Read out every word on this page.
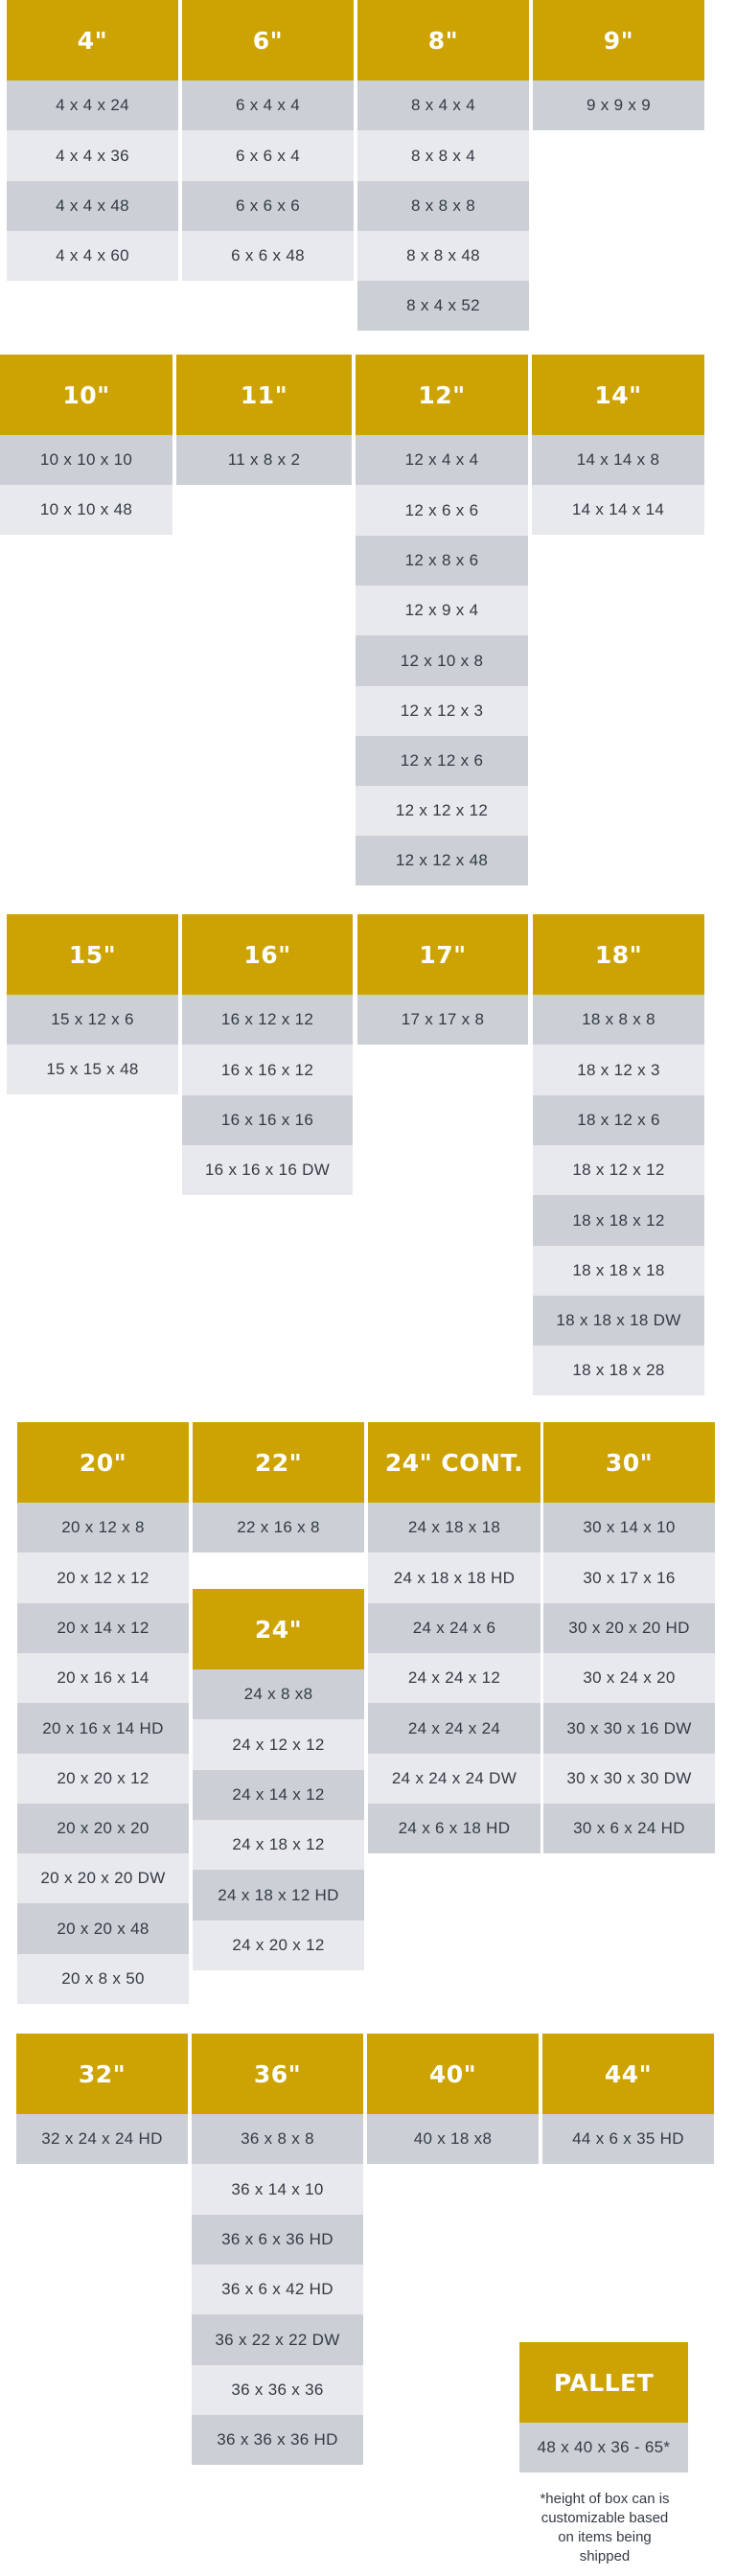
4"
4 x 4 x 24
4 x 4 x 36
4 x 4 x 48
4 x 4 x 60
6"
6 x 4 x 4
6 x 6 x 4
6 x 6 x 6
6 x 6 x 48
8"
8 x 4 x 4
8 x 8 x 4
8 x 8 x 8
8 x 8 x 48
8 x 4 x 52
9"
9 x 9 x 9
10"
10 x 10 x 10
10 x 10 x 48
11"
11 x 8 x 2
12"
12 x 4 x 4
12 x 6 x 6
12 x 8 x 6
12 x 9 x 4
12 x 10 x 8
12 x 12 x 3
12 x 12 x 6
12 x 12 x 12
12 x 12 x 48
14"
14 x 14 x 8
14 x 14 x 14
15"
15 x 12 x 6
15 x 15 x 48
16"
16 x 12 x 12
16 x 16 x 12
16 x 16 x 16
16 x 16 x 16 DW
17"
17 x 17 x 8
18"
18 x 8 x 8
18 x 12 x 3
18 x 12 x 6
18 x 12 x 12
18 x 18 x 12
18 x 18 x 18
18 x 18 x 18 DW
18 x 18 x 28
20"
20 x 12 x 8
20 x 12 x 12
20 x 14 x 12
20 x 16 x 14
20 x 16 x 14 HD
20 x 20 x 12
20 x 20 x 20
20 x 20 x 20 DW
20 x 20 x 48
20 x 8 x 50
22"
22 x 16 x 8
24" CONT.
24 x 18 x 18
24 x 18 x 18 HD
24 x 24 x 6
24 x 24 x 12
24 x 24 x 24
24 x 24 x 24 DW
24 x 6 x 18 HD
30"
30 x 14 x 10
30 x 17 x 16
30 x 20 x 20 HD
30 x 24 x 20
30 x 30 x 16 DW
30 x 30 x 30 DW
30 x 6 x 24 HD
24"
24 x 8 x8
24 x 12 x 12
24 x 14 x 12
24 x 18 x 12
24 x 18 x 12 HD
24 x 20 x 12
32"
32 x 24 x 24 HD
36"
36 x 8 x 8
36 x 14 x 10
36 x 6 x 36 HD
36 x 6 x 42 HD
36 x 22 x 22 DW
36 x 36 x 36
36 x 36 x 36 HD
40"
40 x 18 x8
44"
44 x 6 x 35 HD
PALLET
48 x 40 x 36 - 65*
*height of box can is
customizable based
on items being
shipped
